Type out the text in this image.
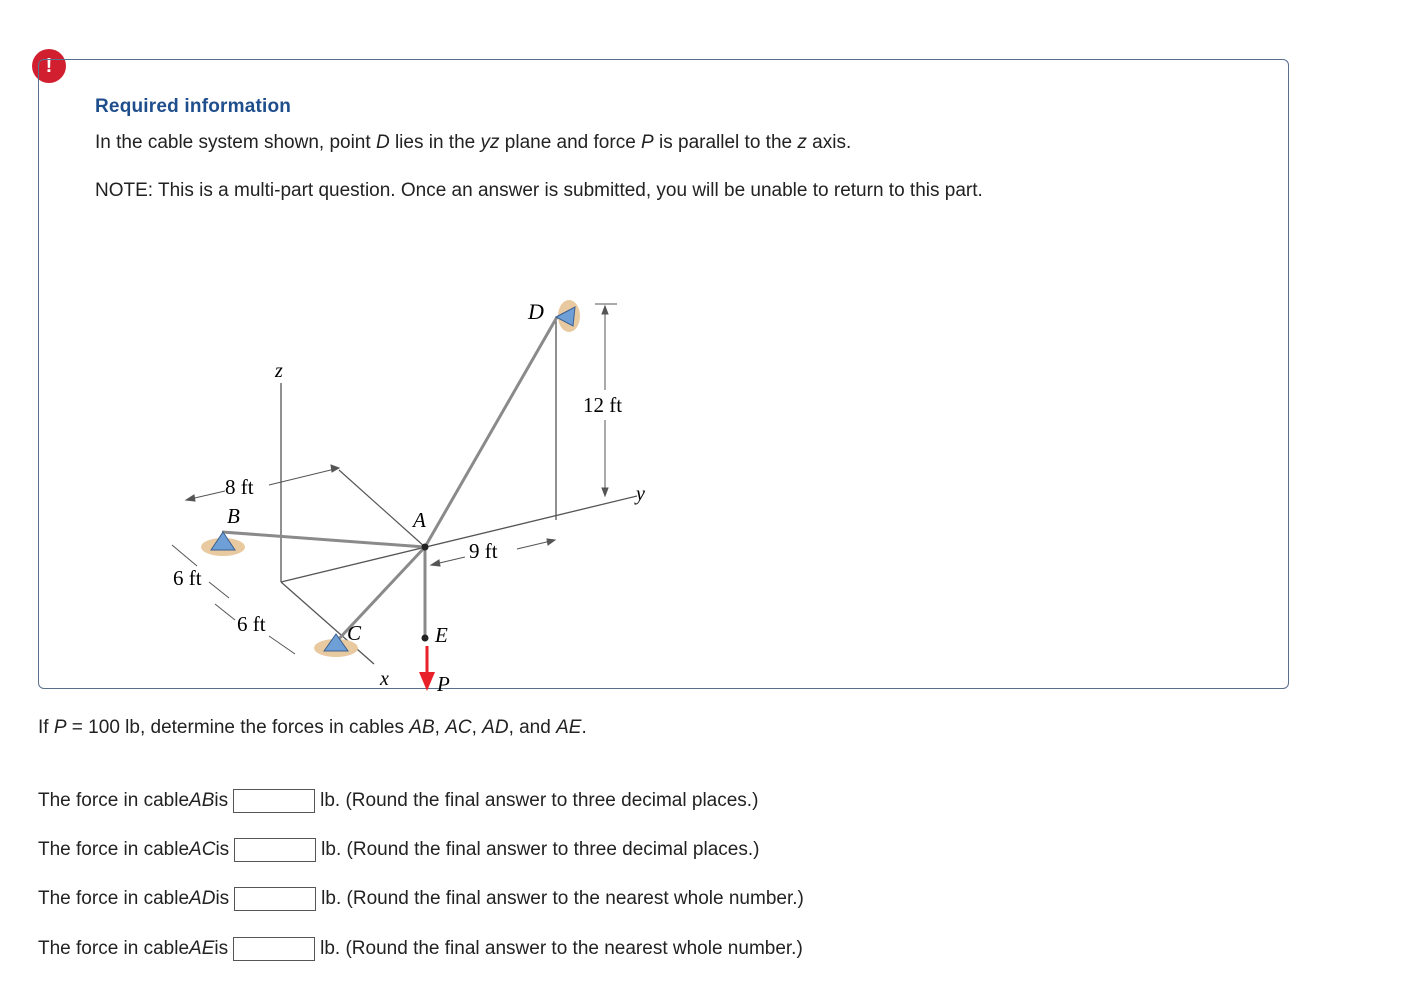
!
Required information
In the cable system shown, point D lies in the yz plane and force P is parallel to the z axis.
NOTE: This is a multi-part question. Once an answer is submitted, you will be unable to return to this part.
D
z
12 ft
y
8 ft
B	A
9 ft
6 ft
6 ft	C	E
x P
If P = 100 lb, determine the forces in cables AB, AC, AD, and AE.
The force in cable AB is	lb. (Round the final answer to three decimal places.)
The force in cable AC is	lb. (Round the final answer to three decimal places.)
The force in cable AD is	lb. (Round the final answer to the nearest whole number.)
The force in cable AE is	lb. (Round the final answer to the nearest whole number.)
